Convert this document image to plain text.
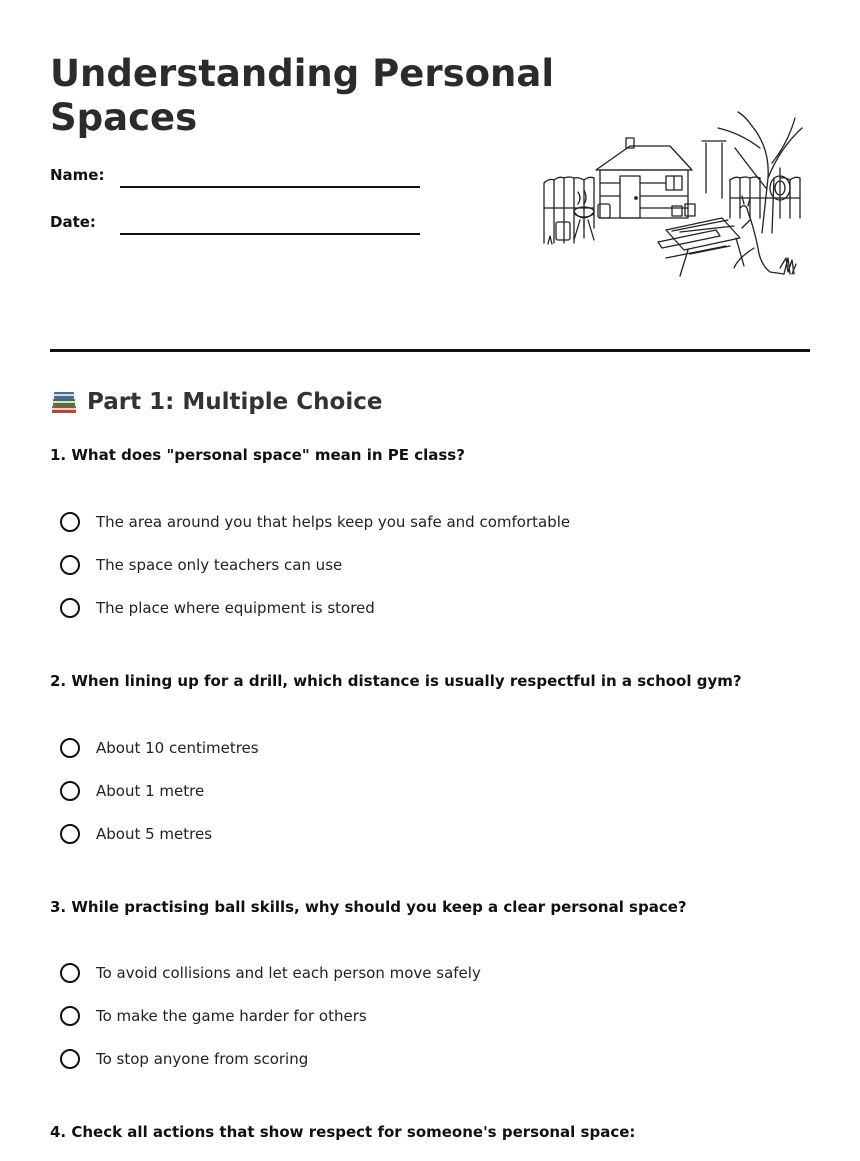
Understanding Personal Spaces
Name:
Date:
Part 1: Multiple Choice
1. What does "personal space" mean in PE class?
The area around you that helps keep you safe and comfortable
The space only teachers can use
The place where equipment is stored
2. When lining up for a drill, which distance is usually respectful in a school gym?
About 10 centimetres
About 1 metre
About 5 metres
3. While practising ball skills, why should you keep a clear personal space?
To avoid collisions and let each person move safely
To make the game harder for others
To stop anyone from scoring
4. Check all actions that show respect for someone's personal space:
